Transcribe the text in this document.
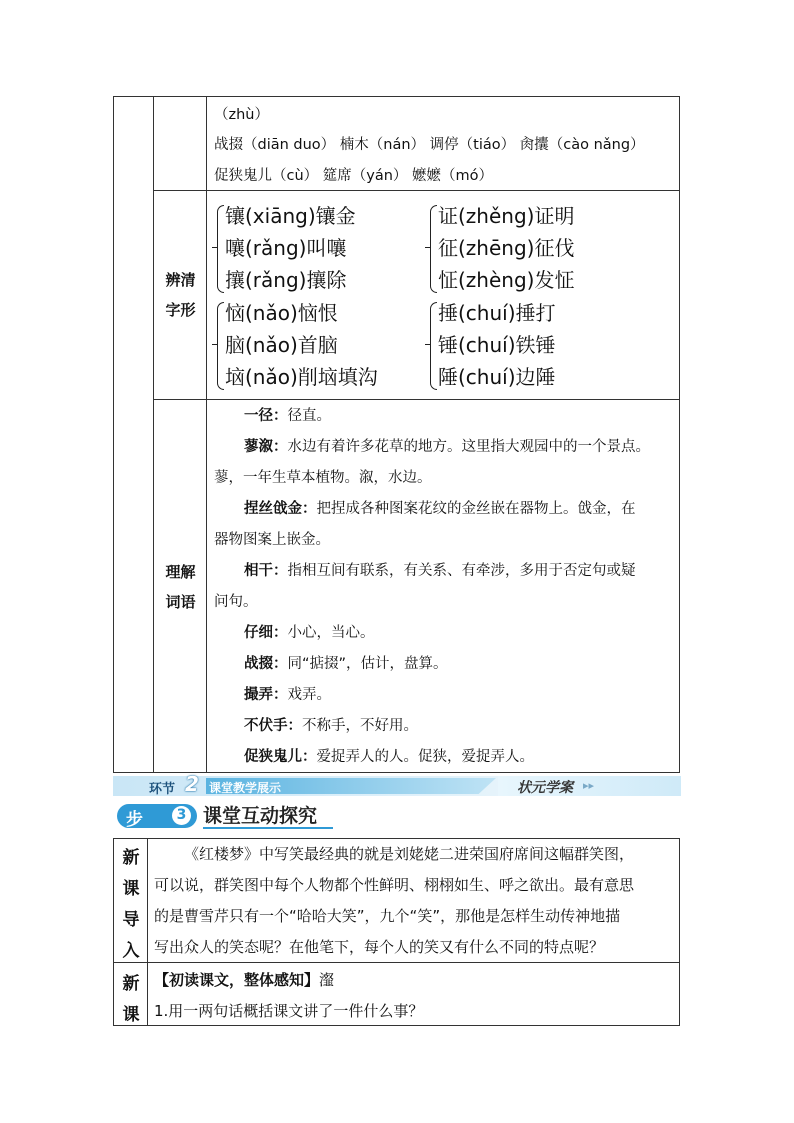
（zhù）
战掇（diān duo） 楠木（nán） 调停（tiáo） 肏攮（cào nǎng）
促狭鬼儿（cù） 筵席（yán） 嬷嬷（mó）
辨清
字形
镶(xiāng)镶金
嚷(rǎng)叫嚷
攘(rǎng)攘除
证(zhěng)证明
征(zhēng)征伐
怔(zhèng)发怔
恼(nǎo)恼恨
脑(nǎo)首脑
垴(nǎo)削垴填沟
捶(chuí)捶打
锤(chuí)铁锤
陲(chuí)边陲
理解
词语
一径：径直。
蓼溆：水边有着许多花草的地方。这里指大观园中的一个景点。
蓼，一年生草本植物。溆，水边。
捏丝戗金：把捏成各种图案花纹的金丝嵌在器物上。戗金，在
器物图案上嵌金。
相干：指相互间有联系，有关系、有牵涉，多用于否定句或疑
问句。
仔细：小心，当心。
战掇：同“掂掇”，估计，盘算。
撮弄：戏弄。
不伏手：不称手，不好用。
促狭鬼儿：爱捉弄人的人。促狭，爱捉弄人。
环节 2 课堂教学展示	状元学案 ▸▸
步骤
3 课堂互动探究
新
课
导
入
《红楼梦》中写笑最经典的就是刘姥姥二进荣国府席间这幅群笑图，
可以说，群笑图中每个人物都个性鲜明、栩栩如生、呼之欲出。最有意思
的是曹雪芹只有一个“哈哈大笑”，九个“笑”，那他是怎样生动传神地描
写出众人的笑态呢？在他笔下，每个人的笑又有什么不同的特点呢？
新
课
【初读课文，整体感知】瀣
1.用一两句话概括课文讲了一件什么事？
